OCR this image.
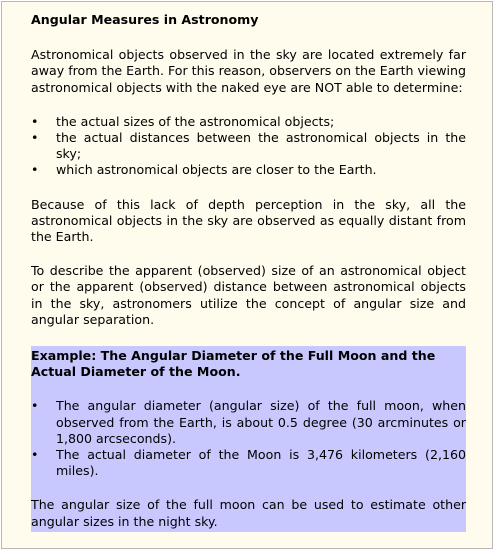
Angular Measures in Astronomy

Astronomical objects observed in the sky are located extremely far away from the Earth. For this reason, observers on the Earth viewing astronomical objects with the naked eye are NOT able to determine:

• the actual sizes of the astronomical objects;
• the actual distances between the astronomical objects in the sky;
• which astronomical objects are closer to the Earth.

Because of this lack of depth perception in the sky, all the astronomical objects in the sky are observed as equally distant from the Earth.

To describe the apparent (observed) size of an astronomical object or the apparent (observed) distance between astronomical objects in the sky, astronomers utilize the concept of angular size and angular separation.

Example: The Angular Diameter of the Full Moon and the Actual Diameter of the Moon.
• The angular diameter (angular size) of the full moon, when observed from the Earth, is about 0.5 degree (30 arcminutes or 1,800 arcseconds).
• The actual diameter of the Moon is 3,476 kilometers (2,160 miles).

The angular size of the full moon can be used to estimate other angular sizes in the night sky.
